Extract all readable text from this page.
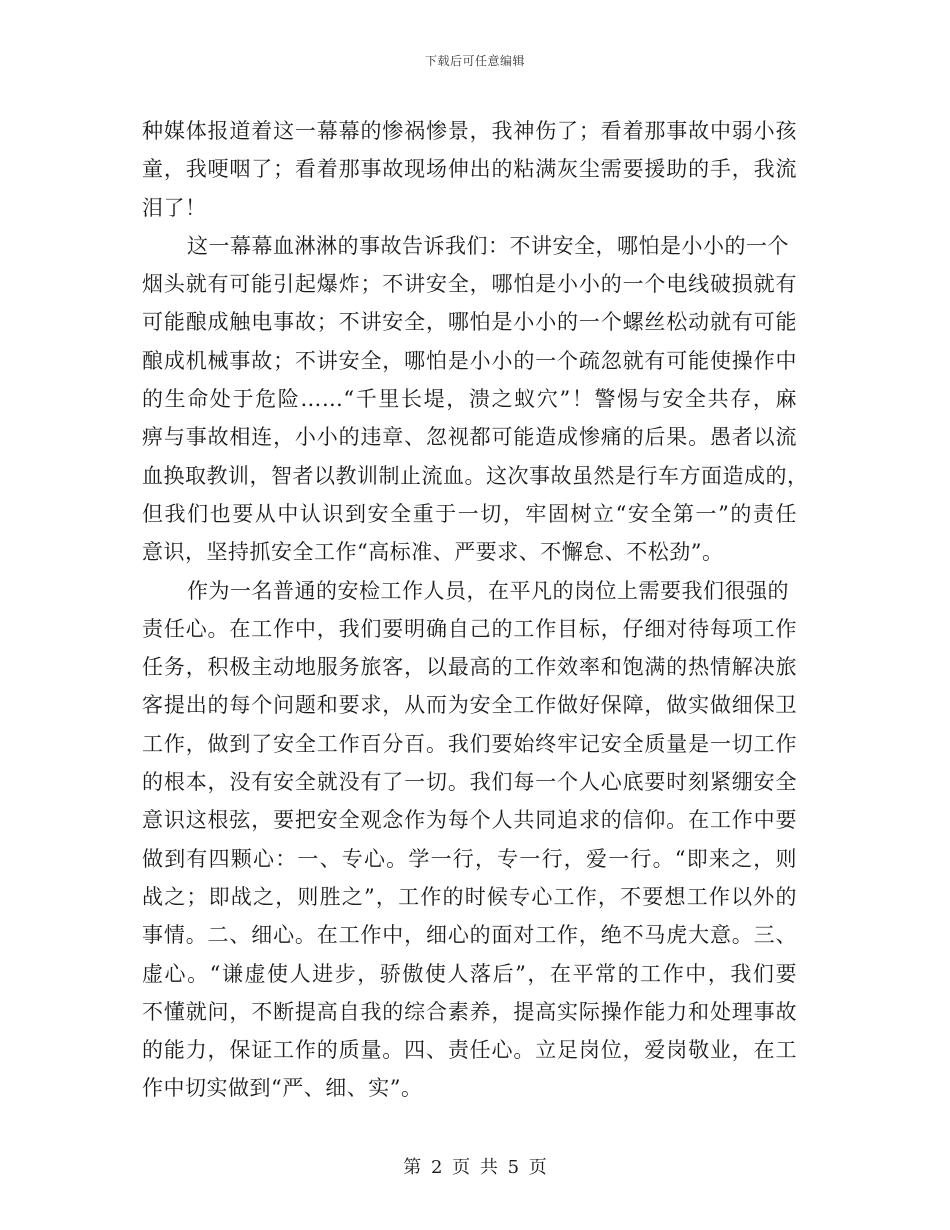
下载后可任意编辑
种媒体报道着这一幕幕的惨祸惨景，我神伤了；看着那事故中弱小孩
童，我哽咽了；看着那事故现场伸出的粘满灰尘需要援助的手，我流
泪了！
这一幕幕血淋淋的事故告诉我们：不讲安全，哪怕是小小的一个
烟头就有可能引起爆炸；不讲安全，哪怕是小小的一个电线破损就有
可能酿成触电事故；不讲安全，哪怕是小小的一个螺丝松动就有可能
酿成机械事故；不讲安全，哪怕是小小的一个疏忽就有可能使操作中
的生命处于危险……“千里长堤，溃之蚁穴”！警惕与安全共存，麻
痹与事故相连，小小的违章、忽视都可能造成惨痛的后果。愚者以流
血换取教训，智者以教训制止流血。这次事故虽然是行车方面造成的，
但我们也要从中认识到安全重于一切，牢固树立“安全第一”的责任
意识，坚持抓安全工作“高标准、严要求、不懈怠、不松劲”。
作为一名普通的安检工作人员，在平凡的岗位上需要我们很强的
责任心。在工作中，我们要明确自己的工作目标，仔细对待每项工作
任务，积极主动地服务旅客，以最高的工作效率和饱满的热情解决旅
客提出的每个问题和要求，从而为安全工作做好保障，做实做细保卫
工作，做到了安全工作百分百。我们要始终牢记安全质量是一切工作
的根本，没有安全就没有了一切。我们每一个人心底要时刻紧绷安全
意识这根弦，要把安全观念作为每个人共同追求的信仰。在工作中要
做到有四颗心：一、专心。学一行，专一行，爱一行。“即来之，则
战之；即战之，则胜之”，工作的时候专心工作，不要想工作以外的
事情。二、细心。在工作中，细心的面对工作，绝不马虎大意。三、
虚心。“谦虚使人进步，骄傲使人落后”，在平常的工作中，我们要
不懂就问，不断提高自我的综合素养，提高实际操作能力和处理事故
的能力，保证工作的质量。四、责任心。立足岗位，爱岗敬业，在工
作中切实做到“严、细、实”。
第 2 页 共 5 页
